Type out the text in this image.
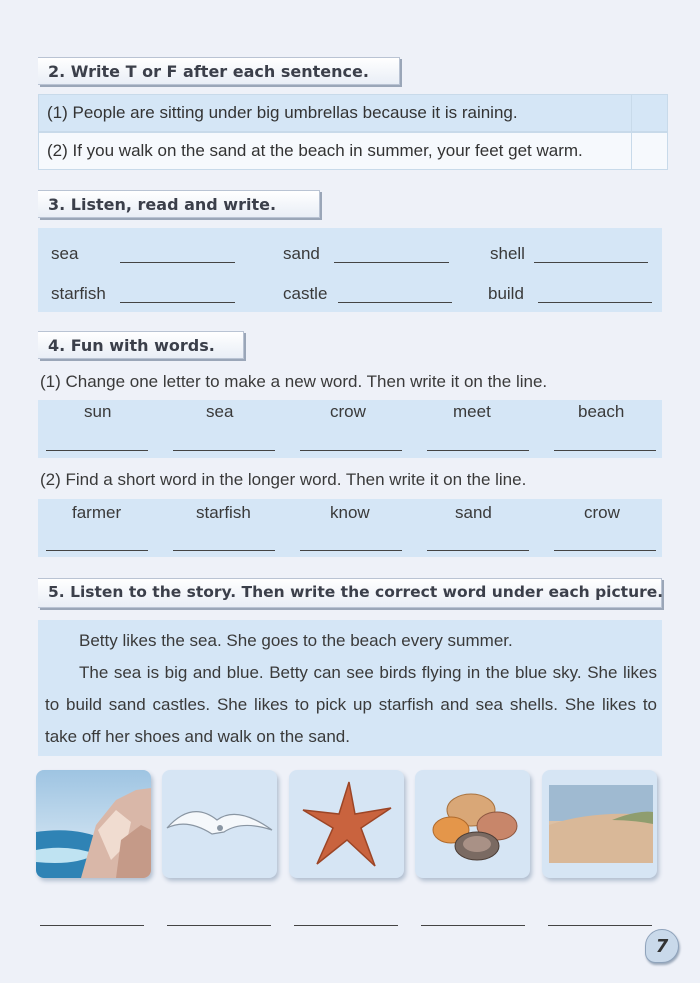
2. Write T or F after each sentence.
(1) People are sitting under big umbrellas because it is raining.
(2) If you walk on the sand at the beach in summer, your feet get warm.
3. Listen, read and write.
sea	sand	shell
starfish	castle	build
4. Fun with words.
(1) Change one letter to make a new word. Then write it on the line.
sun	sea	crow	meet	beach
(2) Find a short word in the longer word. Then write it on the line.
farmer	starfish	know	sand	crow
5. Listen to the story. Then write the correct word under each picture.
Betty likes the sea. She goes to the beach every summer.
The sea is big and blue. Betty can see birds flying in the blue sky. She likes to build sand castles. She likes to pick up starfish and sea shells. She likes to take off her shoes and walk on the sand.
7
